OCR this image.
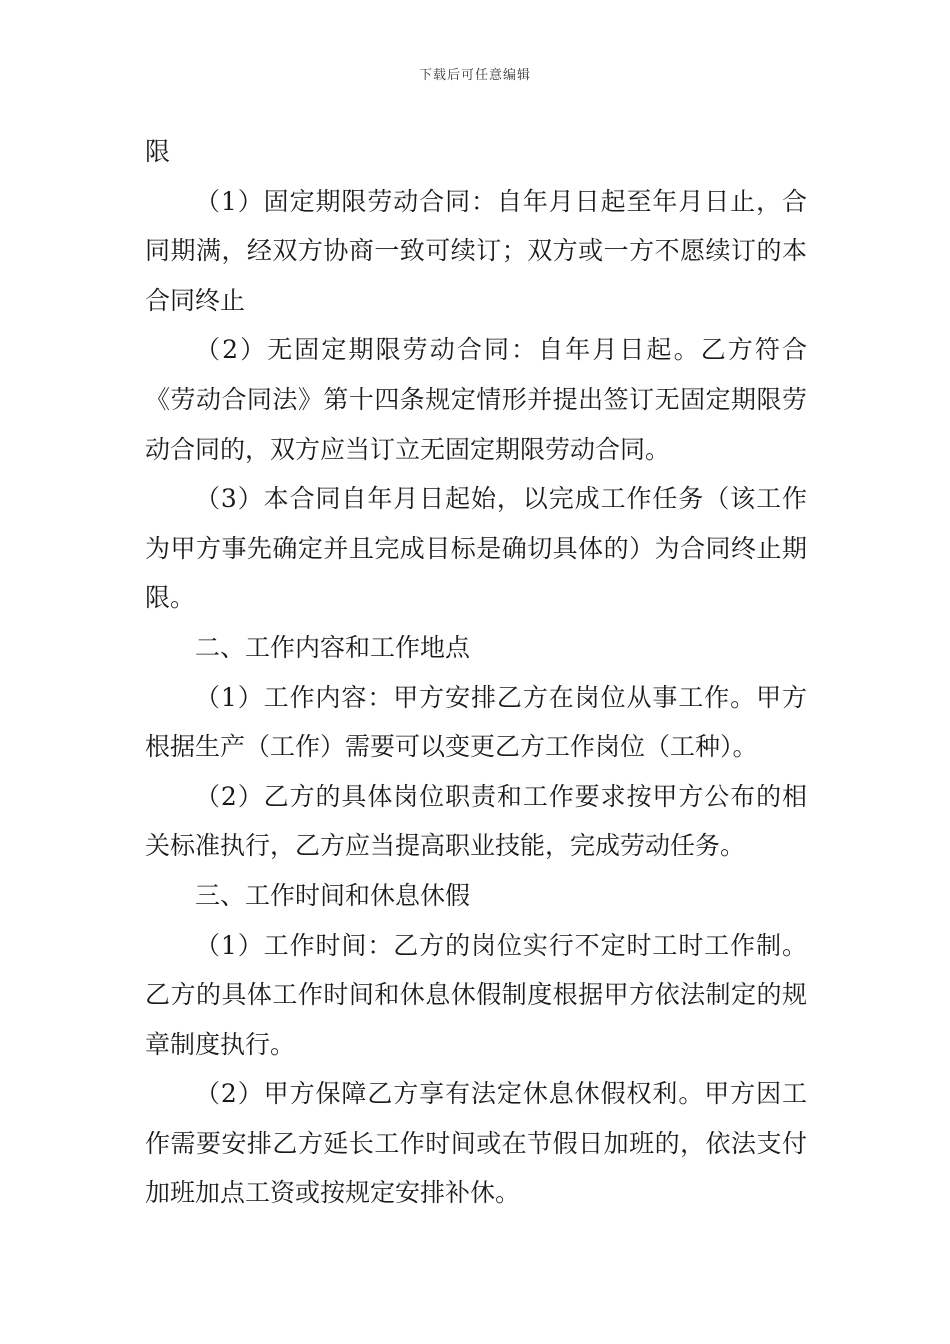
下载后可任意编辑

限

（1）固定期限劳动合同：自年月日起至年月日止，合同期满，经双方协商一致可续订；双方或一方不愿续订的本合同终止

（2）无固定期限劳动合同：自年月日起。乙方符合《劳动合同法》第十四条规定情形并提出签订无固定期限劳动合同的，双方应当订立无固定期限劳动合同。

（3）本合同自年月日起始，以完成工作任务（该工作为甲方事先确定并且完成目标是确切具体的）为合同终止期限。

二、工作内容和工作地点

（1）工作内容：甲方安排乙方在岗位从事工作。甲方根据生产（工作）需要可以变更乙方工作岗位（工种）。

（2）乙方的具体岗位职责和工作要求按甲方公布的相关标准执行，乙方应当提高职业技能，完成劳动任务。

三、工作时间和休息休假

（1）工作时间：乙方的岗位实行不定时工时工作制。乙方的具体工作时间和休息休假制度根据甲方依法制定的规章制度执行。

（2）甲方保障乙方享有法定休息休假权利。甲方因工作需要安排乙方延长工作时间或在节假日加班的，依法支付加班加点工资或按规定安排补休。
